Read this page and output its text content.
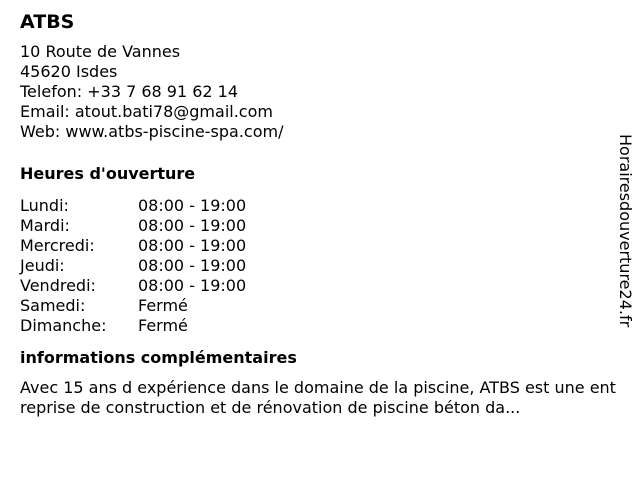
ATBS
10 Route de Vannes
45620 Isdes
Telefon: +33 7 68 91 62 14
Email: atout.bati78@gmail.com
Web: www.atbs-piscine-spa.com/
Heures d'ouverture
Lundi:	08:00 - 19:00
Mardi:	08:00 - 19:00
Mercredi:	08:00 - 19:00
Jeudi:	08:00 - 19:00
Vendredi:	08:00 - 19:00
Samedi:	Fermé
Dimanche:	Fermé
informations complémentaires
Avec 15 ans d expérience dans le domaine de la piscine, ATBS est une entreprise de construction et de rénovation de piscine béton da...
Horairesdouverture24.fr
